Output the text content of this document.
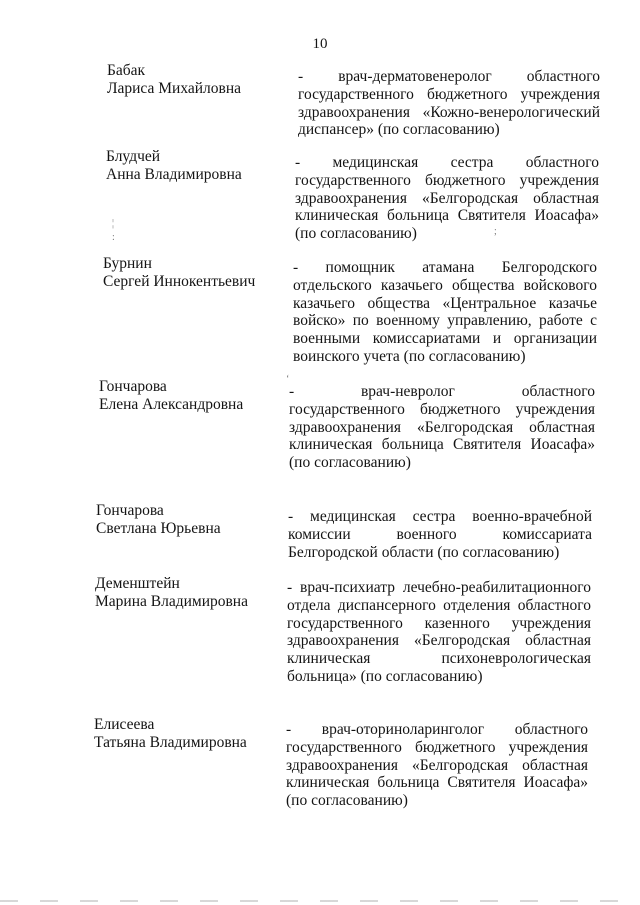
10
Бабак
Лариса Михайловна
- врач-дерматовенеролог областного
государственного бюджетного учреждения
здравоохранения «Кожно-венерологический
диспансер» (по согласованию)
Блудчей
Анна Владимировна
- медицинская сестра областного
государственного бюджетного учреждения
здравоохранения «Белгородская областная
клиническая больница Святителя Иоасафа»
(по согласованию)
Бурнин
Сергей Иннокентьевич
- помощник атамана Белгородского
отдельского казачьего общества войскового
казачьего общества «Центральное казачье
войско» по военному управлению, работе с
военными комиссариатами и организации
воинского учета (по согласованию)
Гончарова
Елена Александровна
- врач-невролог областного
государственного бюджетного учреждения
здравоохранения «Белгородская областная
клиническая больница Святителя Иоасафа»
(по согласованию)
Гончарова
Светлана Юрьевна
- медицинская сестра военно-врачебной
комиссии военного комиссариата
Белгородской области (по согласованию)
Деменштейн
Марина Владимировна
- врач-психиатр лечебно-реабилитационного
отдела диспансерного отделения областного
государственного казенного учреждения
здравоохранения «Белгородская областная
клиническая психоневрологическая
больница» (по согласованию)
Елисеева
Татьяна Владимировна
- врач-оториноларинголог областного
государственного бюджетного учреждения
здравоохранения «Белгородская областная
клиническая больница Святителя Иоасафа»
(по согласованию)
¦
:
;
‘
